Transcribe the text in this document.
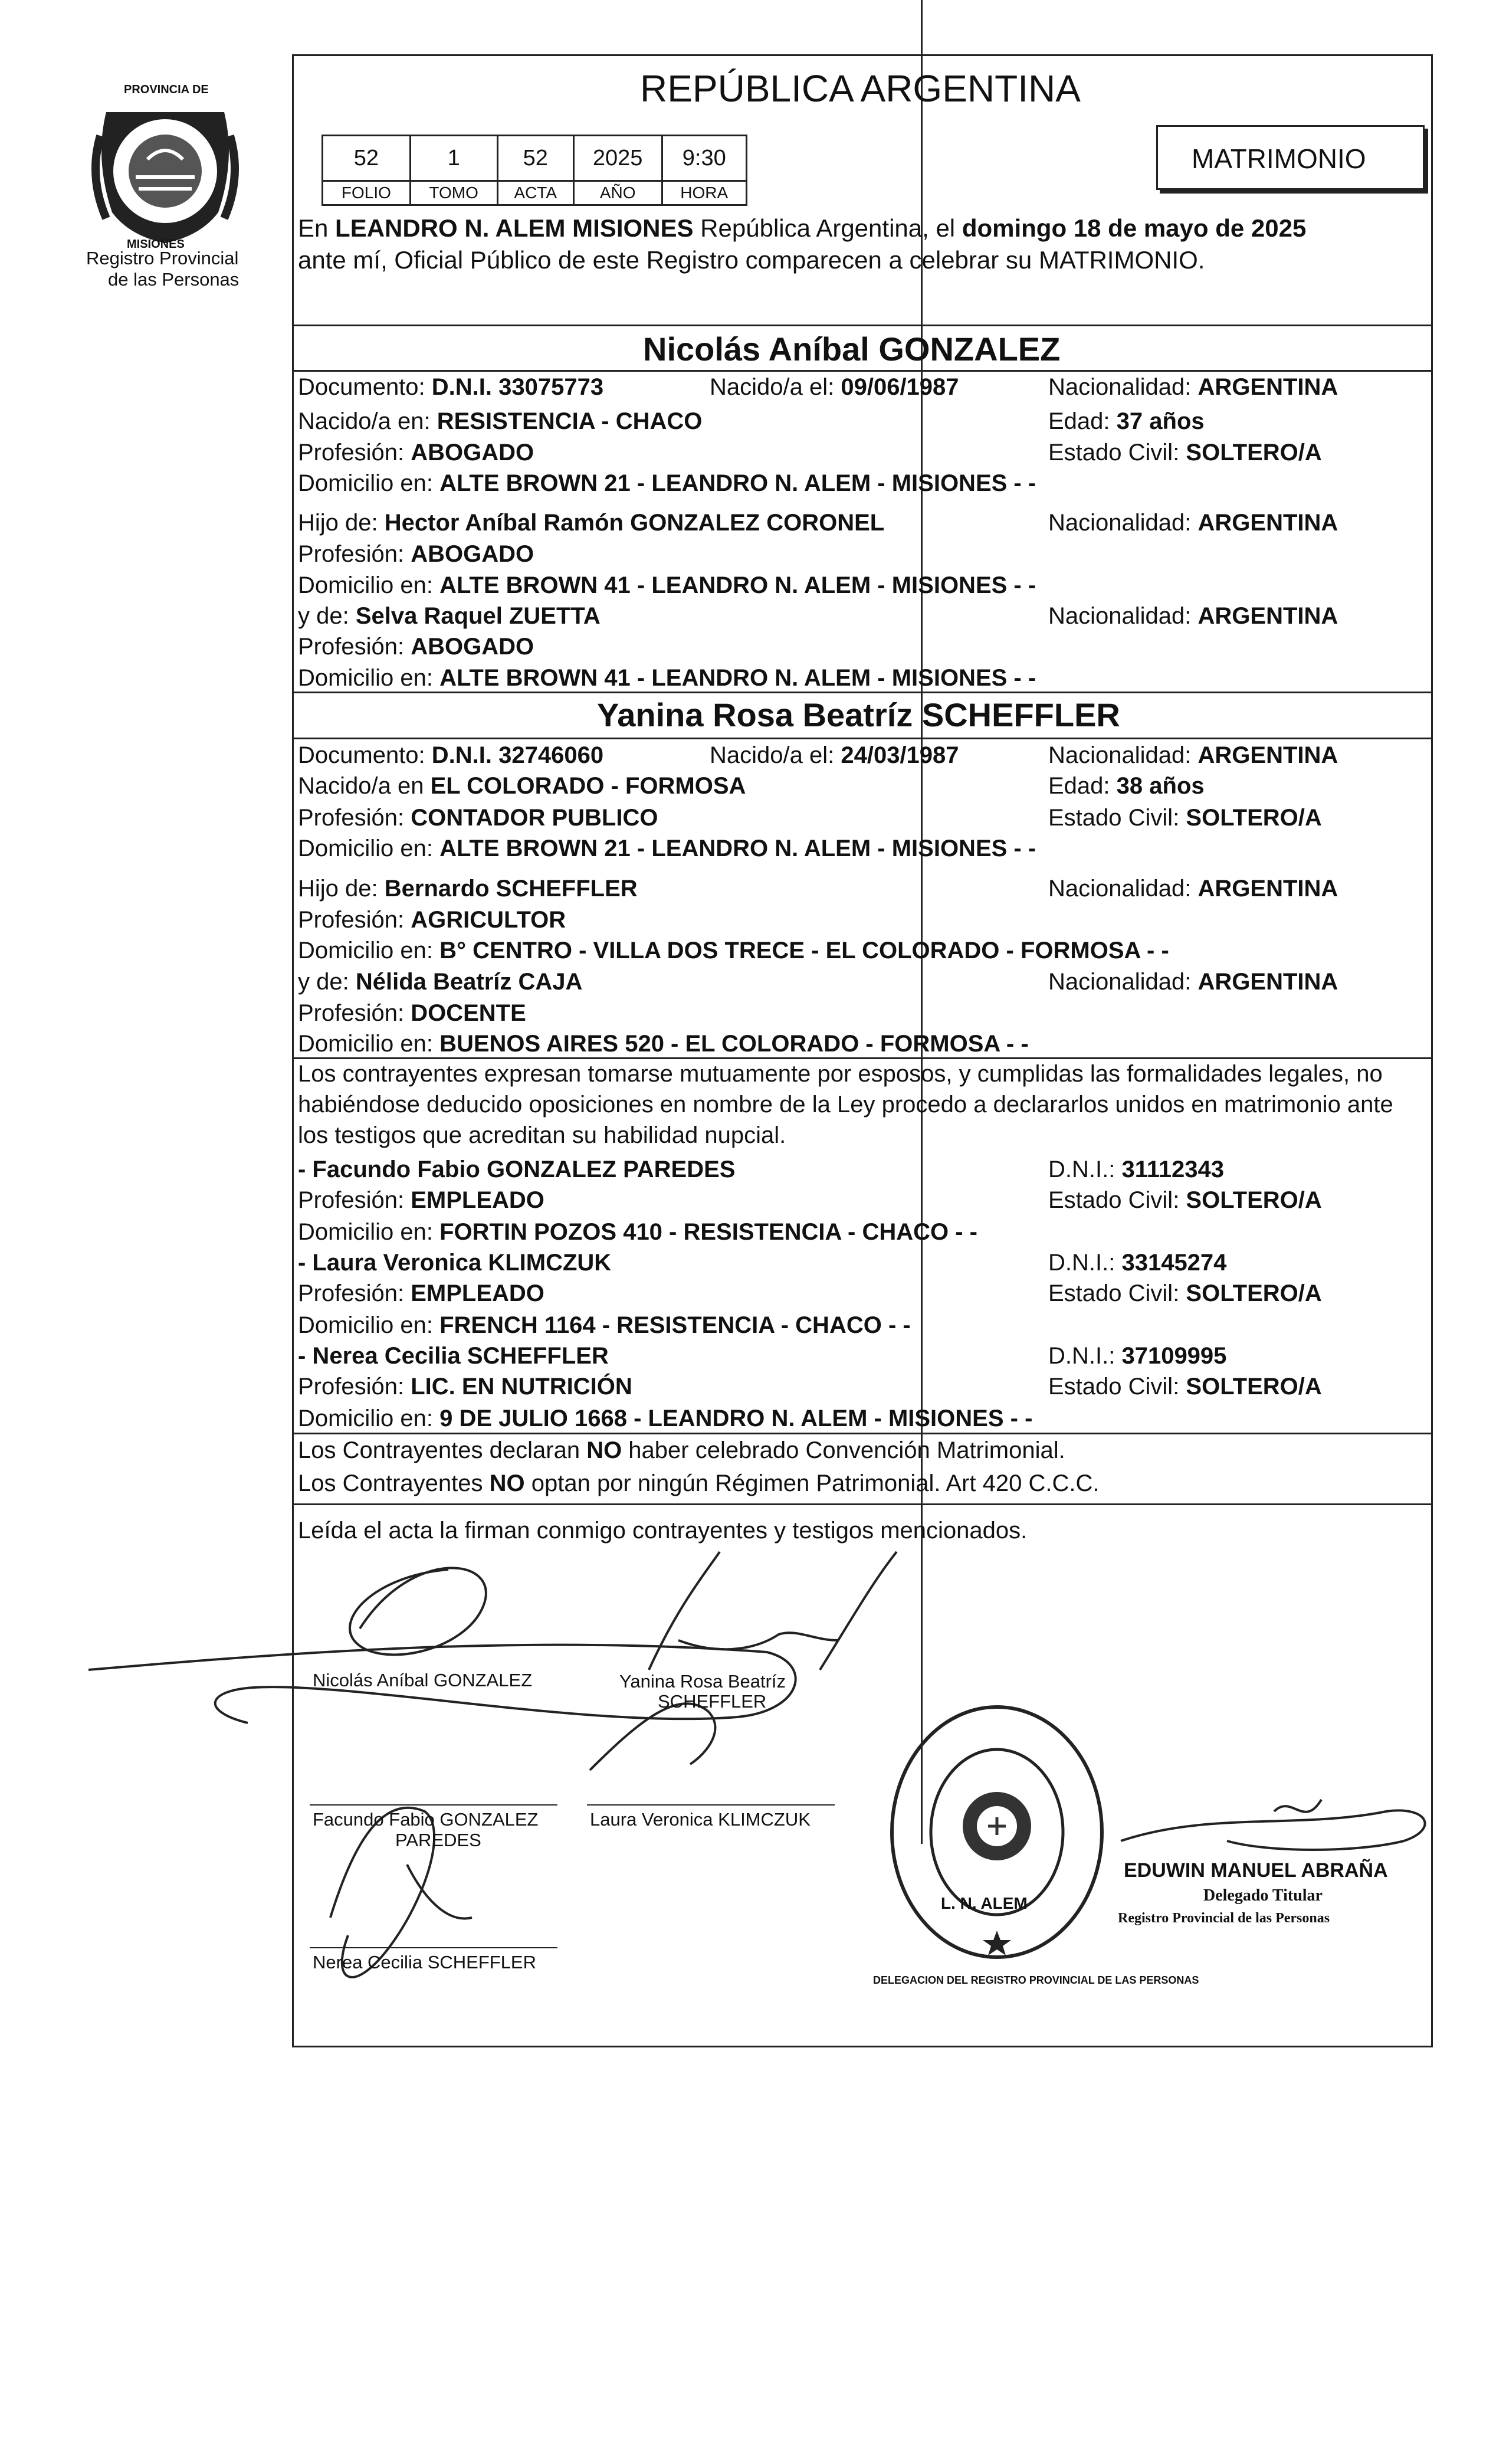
PROVINCIA DE
MISIONES
Registro Provincial
de las Personas
REPÚBLICA ARGENTINA
52	1	52	2025	9:30
FOLIO	TOMO	ACTA	AÑO	HORA
MATRIMONIO
En LEANDRO N. ALEM MISIONES República Argentina, el domingo 18 de mayo de 2025
ante mí, Oficial Público de este Registro comparecen a celebrar su MATRIMONIO.
Nicolás Aníbal GONZALEZ
Documento: D.N.I. 33075773	Nacido/a el: 09/06/1987	Nacionalidad: ARGENTINA
Nacido/a en: RESISTENCIA - CHACO	Edad: 37 años
Profesión: ABOGADO	Estado Civil: SOLTERO/A
Domicilio en: ALTE BROWN 21 - LEANDRO N. ALEM - MISIONES - -
Hijo de: Hector Aníbal Ramón GONZALEZ CORONEL	Nacionalidad: ARGENTINA
Profesión: ABOGADO
Domicilio en: ALTE BROWN 41 - LEANDRO N. ALEM - MISIONES - -
y de: Selva Raquel ZUETTA	Nacionalidad: ARGENTINA
Profesión: ABOGADO
Domicilio en: ALTE BROWN 41 - LEANDRO N. ALEM - MISIONES - -
Yanina Rosa Beatríz SCHEFFLER
Documento: D.N.I. 32746060	Nacido/a el: 24/03/1987	Nacionalidad: ARGENTINA
Nacido/a en EL COLORADO - FORMOSA	Edad: 38 años
Profesión: CONTADOR PUBLICO	Estado Civil: SOLTERO/A
Domicilio en: ALTE BROWN 21 - LEANDRO N. ALEM - MISIONES - -
Hijo de: Bernardo SCHEFFLER	Nacionalidad: ARGENTINA
Profesión: AGRICULTOR
Domicilio en: B° CENTRO - VILLA DOS TRECE - EL COLORADO - FORMOSA - -
y de: Nélida Beatríz CAJA	Nacionalidad: ARGENTINA
Profesión: DOCENTE
Domicilio en: BUENOS AIRES 520 - EL COLORADO - FORMOSA - -
Los contrayentes expresan tomarse mutuamente por esposos, y cumplidas las formalidades legales, no
habiéndose deducido oposiciones en nombre de la Ley procedo a declararlos unidos en matrimonio ante
los testigos que acreditan su habilidad nupcial.
- Facundo Fabio GONZALEZ PAREDES	D.N.I.: 31112343
Profesión: EMPLEADO	Estado Civil: SOLTERO/A
Domicilio en: FORTIN POZOS 410 - RESISTENCIA - CHACO - -
- Laura Veronica KLIMCZUK	D.N.I.: 33145274
Profesión: EMPLEADO	Estado Civil: SOLTERO/A
Domicilio en: FRENCH 1164 - RESISTENCIA - CHACO - -
- Nerea Cecilia SCHEFFLER	D.N.I.: 37109995
Profesión: LIC. EN NUTRICIÓN	Estado Civil: SOLTERO/A
Domicilio en: 9 DE JULIO 1668 - LEANDRO N. ALEM - MISIONES - -
Los Contrayentes declaran NO haber celebrado Convención Matrimonial.
Los Contrayentes NO optan por ningún Régimen Patrimonial. Art 420 C.C.C.
Leída el acta la firman conmigo contrayentes y testigos mencionados.
Nicolás Aníbal GONZALEZ	Yanina Rosa Beatríz
SCHEFFLER
Facundo Fabio GONZALEZ
PAREDES
Laura Veronica KLIMCZUK
Nerea Cecilia SCHEFFLER
L. N. ALEM
DELEGACION DEL REGISTRO PROVINCIAL DE LAS PERSONAS
EDUWIN MANUEL ABRAÑA
Delegado Titular
Registro Provincial de las Personas
